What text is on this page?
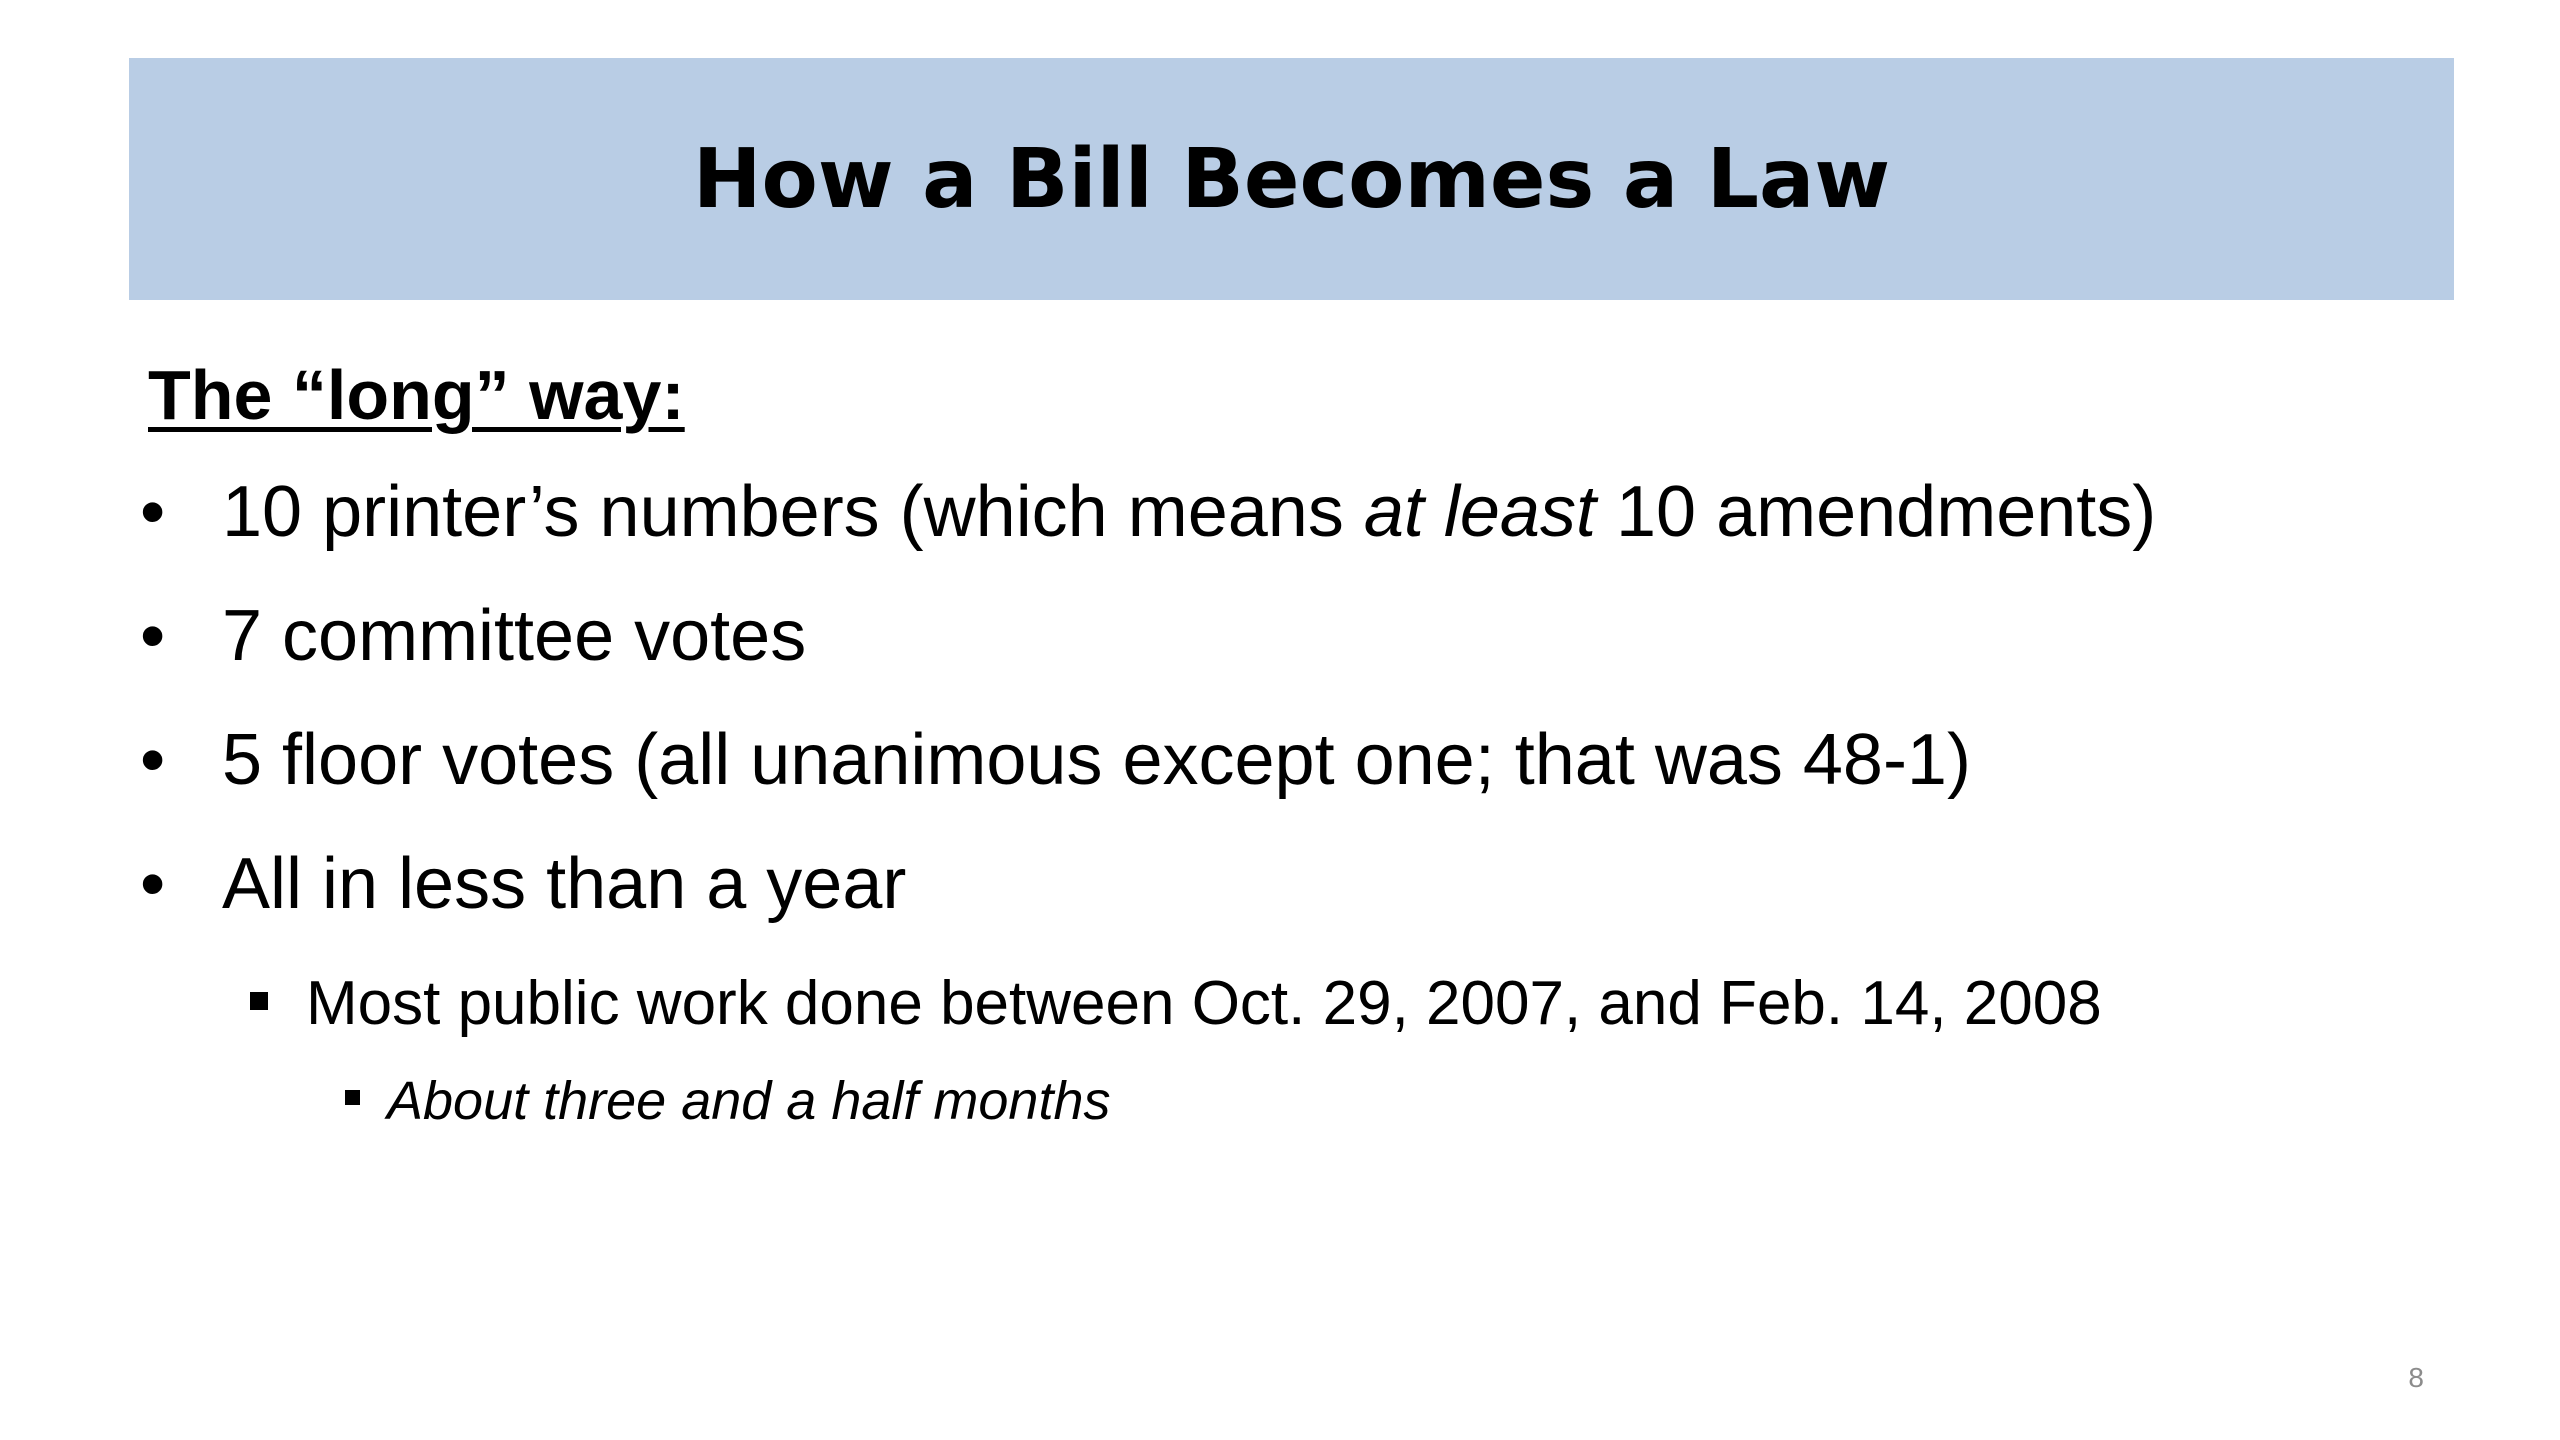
How a Bill Becomes a Law
The “long” way:
• 10 printer’s numbers (which means at least 10 amendments)
• 7 committee votes
• 5 floor votes (all unanimous except one; that was 48-1)
• All in less than a year
Most public work done between Oct. 29, 2007, and Feb. 14, 2008
About three and a half months
8
